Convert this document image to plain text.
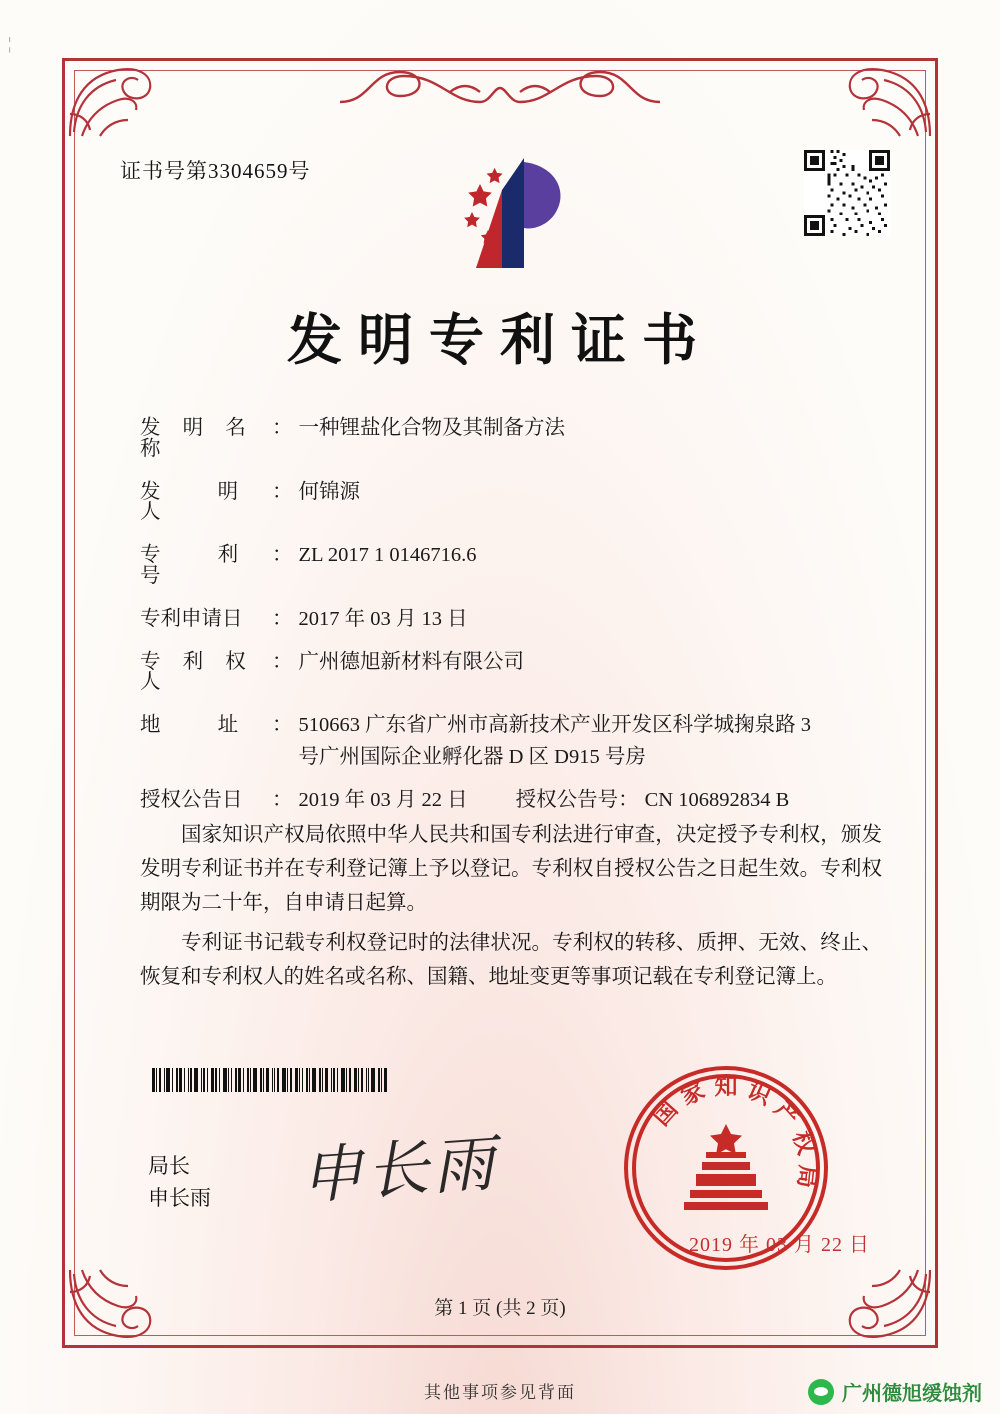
¦
证书号第3304659号
发明专利证书
发 明 名 称
： 一种锂盐化合物及其制备方法
发 明 人
： 何锦源
专 利 号
： ZL 2017 1 0146716.6
专利申请日	： 2017 年 03 月 13 日
专 利 权 人
： 广州德旭新材料有限公司
地 址 ： 510663 广东省广州市高新技术产业开发区科学城掬泉路 3
号广州国际企业孵化器 D 区 D915 号房
授权公告日	： 2019 年 03 月 22 日 授权公告号 ： CN 106892834 B

国家知识产权局依照中华人民共和国专利法进行审查，决定授予专利权，颁发发明专利证书并在专利登记簿上予以登记。专利权自授权公告之日起生效。专利权期限为二十年，自申请日起算。

专利证书记载专利权登记时的法律状况。专利权的转移、质押、无效、终止、恢复和专利权人的姓名或名称、国籍、地址变更等事项记载在专利登记簿上。

局长
申长雨 申长雨
知 识
产
权
局
家
国
2019 年 03 月 22 日
第 1 页 (共 2 页)
其他事项参见背面	广州德旭缓蚀剂
